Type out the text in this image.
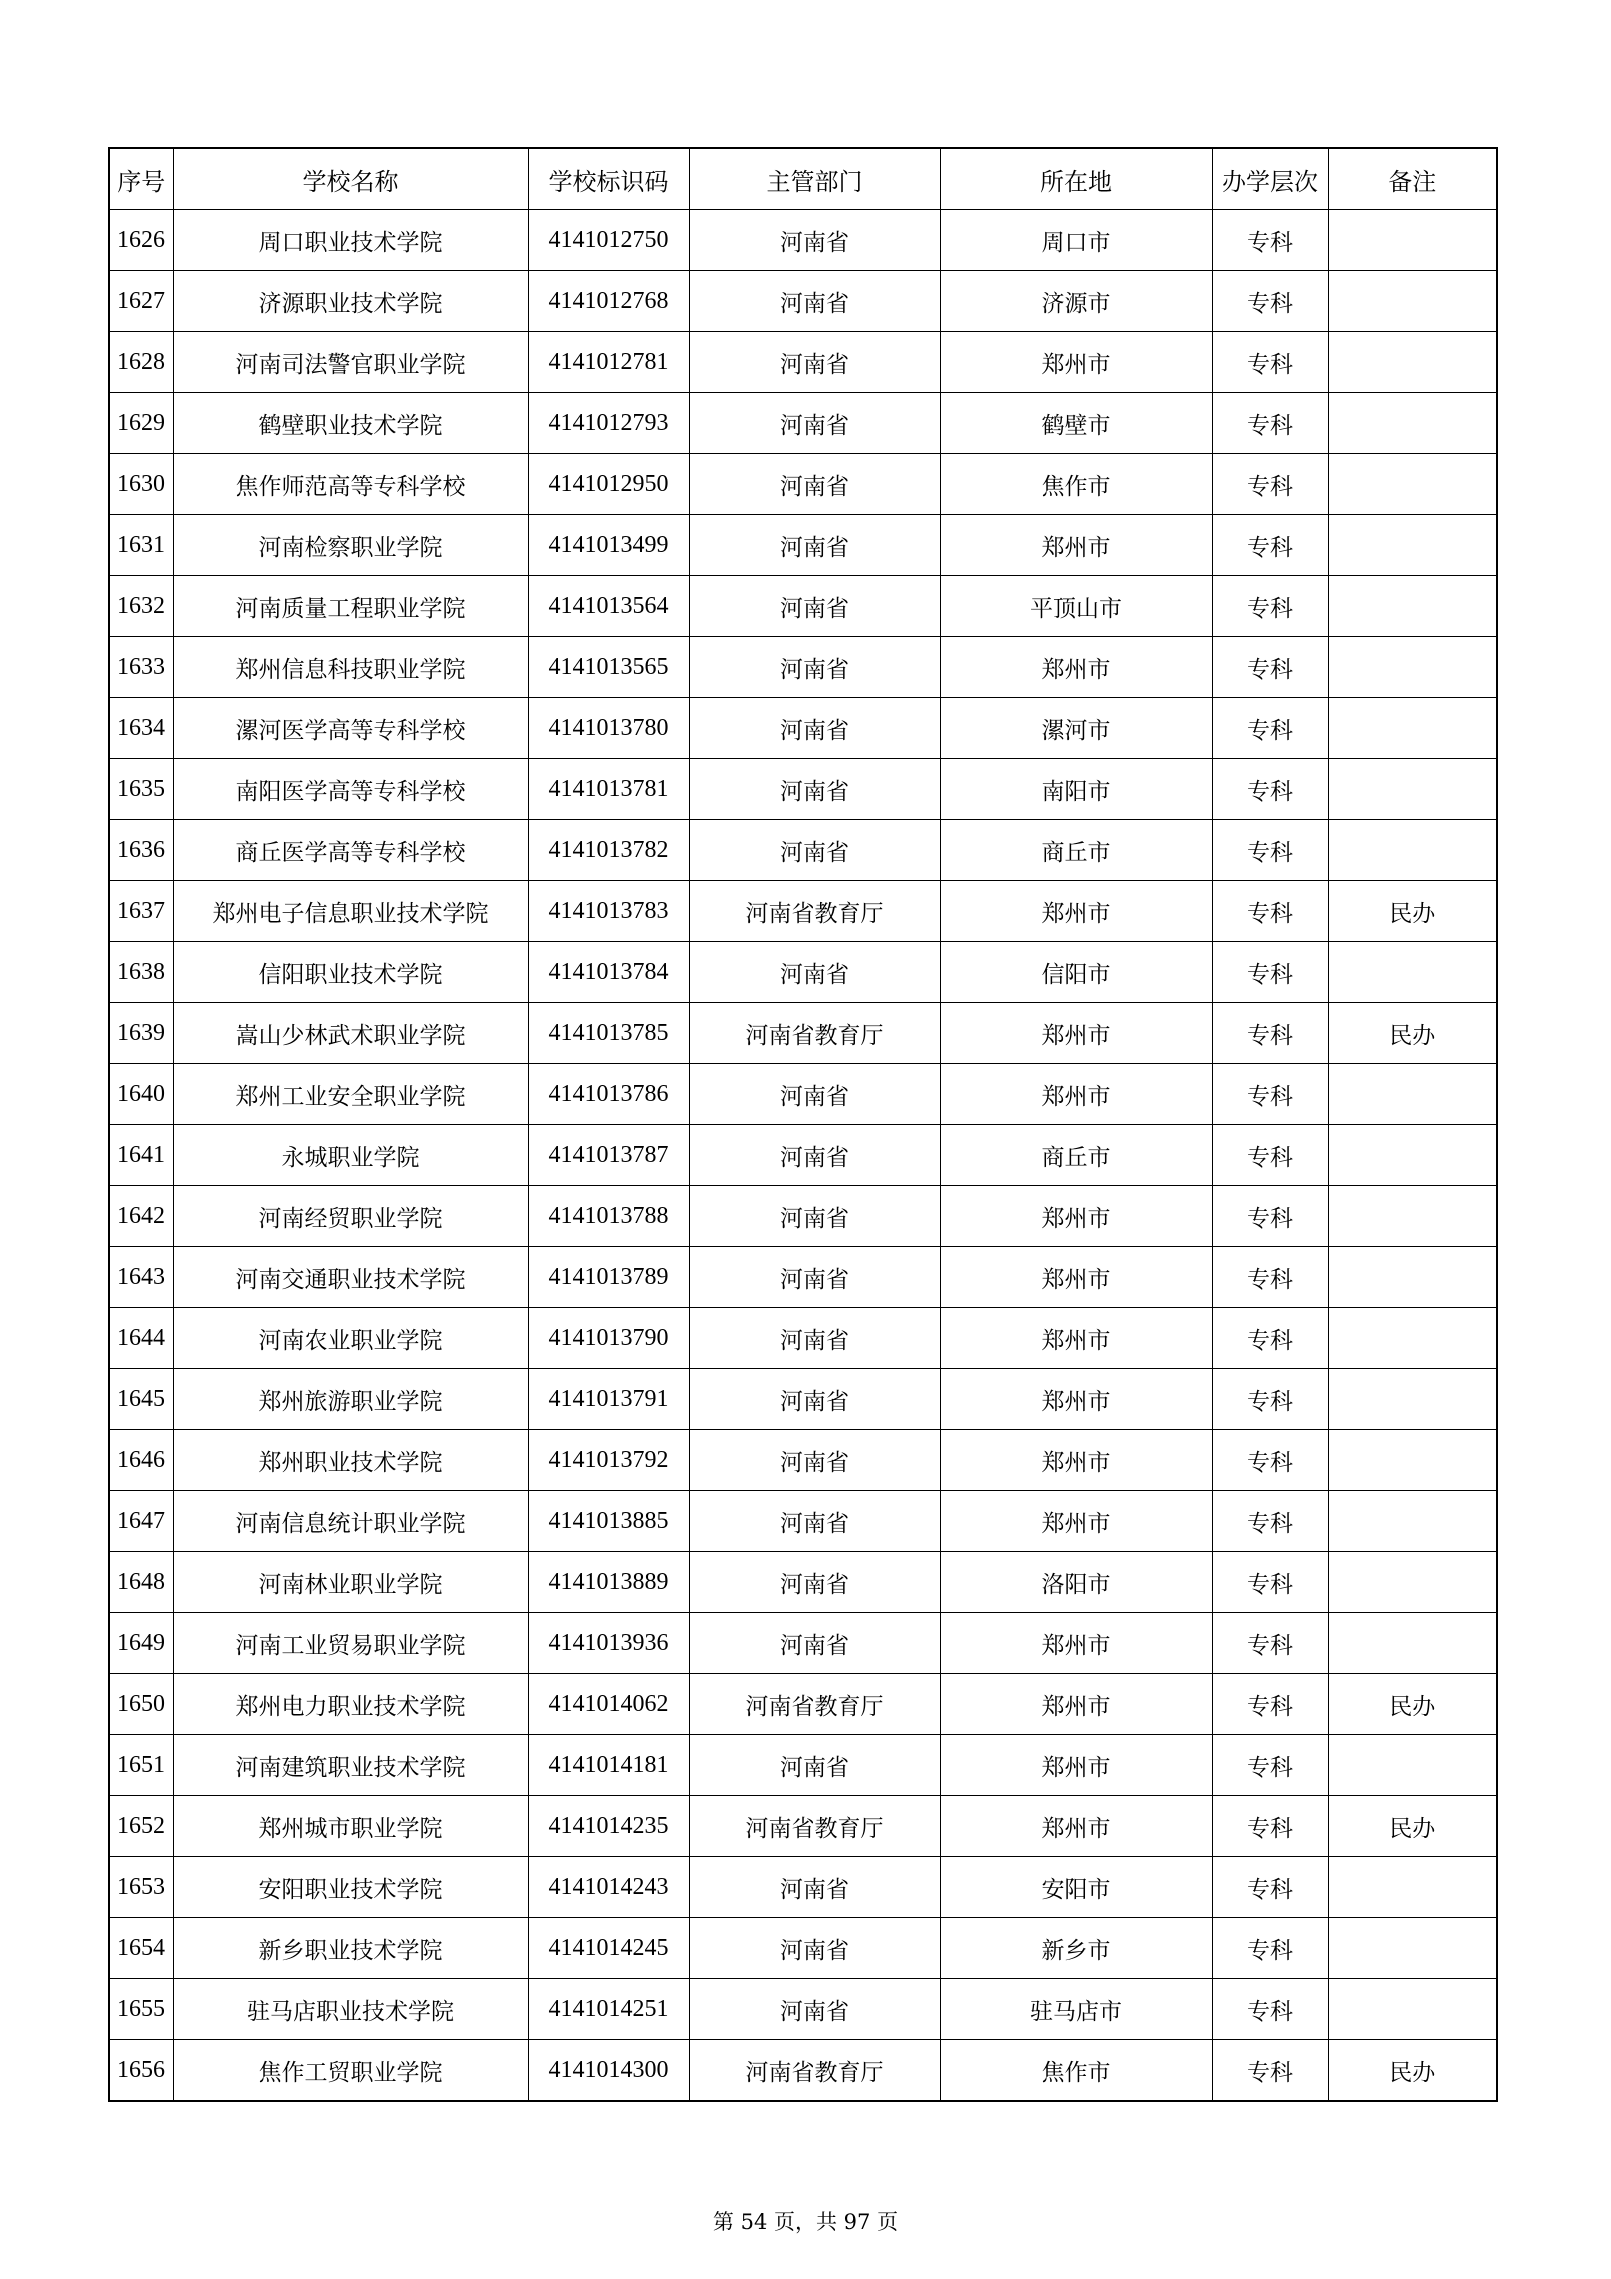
序号	学校名称	学校标识码	主管部门	所在地	办学层次	备注
1626	周口职业技术学院	4141012750	河南省	周口市	专科	
1627	济源职业技术学院	4141012768	河南省	济源市	专科	
1628	河南司法警官职业学院	4141012781	河南省	郑州市	专科	
1629	鹤壁职业技术学院	4141012793	河南省	鹤壁市	专科	
1630	焦作师范高等专科学校	4141012950	河南省	焦作市	专科	
1631	河南检察职业学院	4141013499	河南省	郑州市	专科	
1632	河南质量工程职业学院	4141013564	河南省	平顶山市	专科	
1633	郑州信息科技职业学院	4141013565	河南省	郑州市	专科	
1634	漯河医学高等专科学校	4141013780	河南省	漯河市	专科	
1635	南阳医学高等专科学校	4141013781	河南省	南阳市	专科	
1636	商丘医学高等专科学校	4141013782	河南省	商丘市	专科	
1637	郑州电子信息职业技术学院	4141013783	河南省教育厅	郑州市	专科	民办
1638	信阳职业技术学院	4141013784	河南省	信阳市	专科	
1639	嵩山少林武术职业学院	4141013785	河南省教育厅	郑州市	专科	民办
1640	郑州工业安全职业学院	4141013786	河南省	郑州市	专科	
1641	永城职业学院	4141013787	河南省	商丘市	专科	
1642	河南经贸职业学院	4141013788	河南省	郑州市	专科	
1643	河南交通职业技术学院	4141013789	河南省	郑州市	专科	
1644	河南农业职业学院	4141013790	河南省	郑州市	专科	
1645	郑州旅游职业学院	4141013791	河南省	郑州市	专科	
1646	郑州职业技术学院	4141013792	河南省	郑州市	专科	
1647	河南信息统计职业学院	4141013885	河南省	郑州市	专科	
1648	河南林业职业学院	4141013889	河南省	洛阳市	专科	
1649	河南工业贸易职业学院	4141013936	河南省	郑州市	专科	
1650	郑州电力职业技术学院	4141014062	河南省教育厅	郑州市	专科	民办
1651	河南建筑职业技术学院	4141014181	河南省	郑州市	专科	
1652	郑州城市职业学院	4141014235	河南省教育厅	郑州市	专科	民办
1653	安阳职业技术学院	4141014243	河南省	安阳市	专科	
1654	新乡职业技术学院	4141014245	河南省	新乡市	专科	
1655	驻马店职业技术学院	4141014251	河南省	驻马店市	专科	
1656	焦作工贸职业学院	4141014300	河南省教育厅	焦作市	专科	民办
第 54 页，共 97 页
